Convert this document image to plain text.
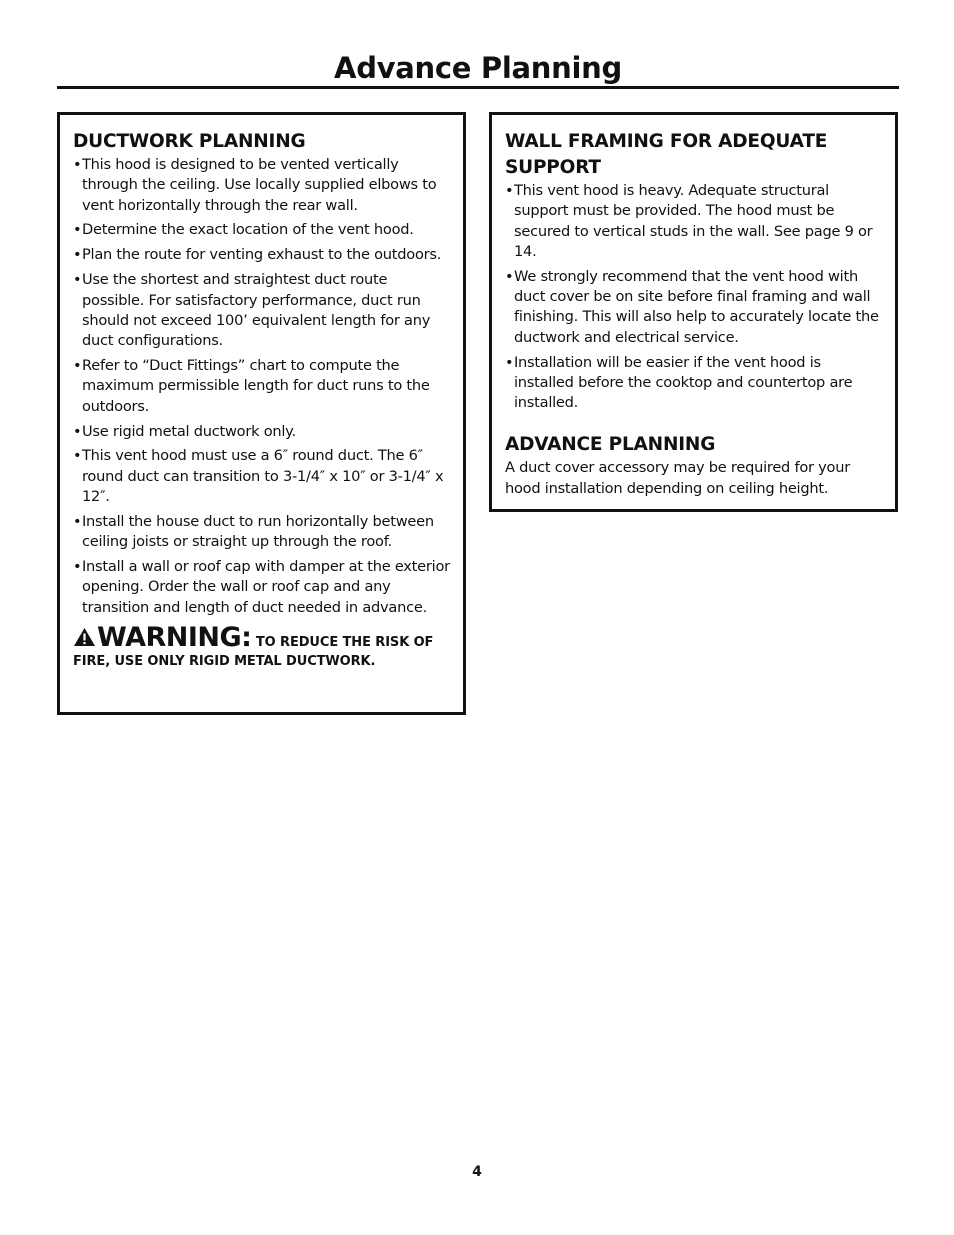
Advance Planning
DUCTWORK PLANNING
• This hood is designed to be vented vertically through the ceiling. Use locally supplied elbows to vent horizontally through the rear wall.
• Determine the exact location of the vent hood.
• Plan the route for venting exhaust to the outdoors.
• Use the shortest and straightest duct route possible. For satisfactory performance, duct run should not exceed 100’ equivalent length for any duct configurations.
• Refer to “Duct Fittings” chart to compute the maximum permissible length for duct runs to the outdoors.
• Use rigid metal ductwork only.
• This vent hood must use a 6″ round duct. The 6″ round duct can transition to 3-1/4″ x 10″ or 3-1/4″ x 12″.
• Install the house duct to run horizontally between ceiling joists or straight up through the roof.
• Install a wall or roof cap with damper at the exterior opening. Order the wall or roof cap and any transition and length of duct needed in advance.
WARNING: TO REDUCE THE RISK OF FIRE, USE ONLY RIGID METAL DUCTWORK.
WALL FRAMING FOR ADEQUATE SUPPORT
• This vent hood is heavy. Adequate structural support must be provided. The hood must be secured to vertical studs in the wall. See page 9 or 14.
• We strongly recommend that the vent hood with duct cover be on site before final framing and wall finishing. This will also help to accurately locate the ductwork and electrical service.
• Installation will be easier if the vent hood is installed before the cooktop and countertop are installed.
ADVANCE PLANNING

A duct cover accessory may be required for your hood installation depending on ceiling height.

4
